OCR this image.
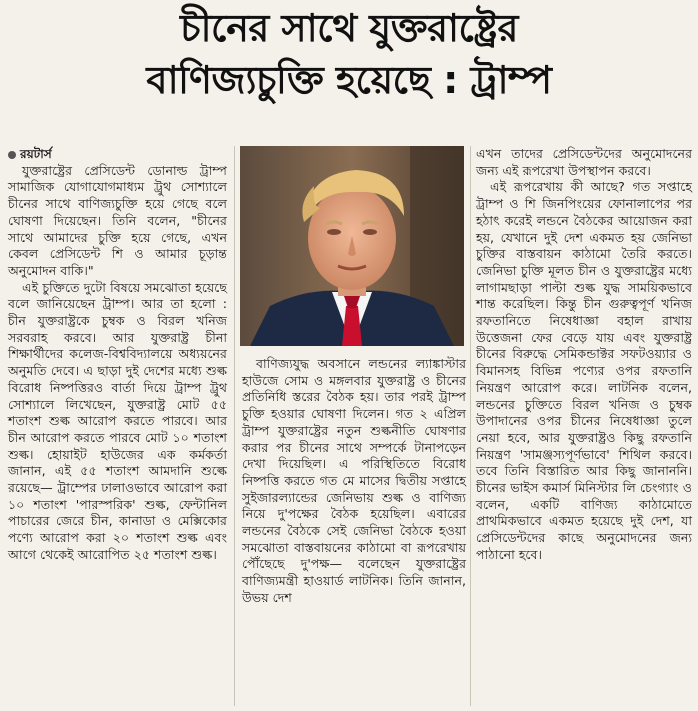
চীনের সাথে যুক্তরাষ্ট্রের
বাণিজ্যচুক্তি হয়েছে : ট্রাম্প

রয়টার্স

যুক্তরাষ্ট্রের প্রেসিডেন্ট ডোনাল্ড ট্রাম্প সামাজিক যোগাযোগমাধ্যম ট্রুথ সোশ্যালে চীনের সাথে বাণিজ্যচুক্তি হয়ে গেছে বলে ঘোষণা দিয়েছেন। তিনি বলেন, "চীনের সাথে আমাদের চুক্তি হয়ে গেছে, এখন কেবল প্রেসিডেন্ট শি ও আমার চূড়ান্ত অনুমোদন বাকি।"

এই চুক্তিতে দুটো বিষয়ে সমঝোতা হয়েছে বলে জানিয়েছেন ট্রাম্প। আর তা হলো : চীন যুক্তরাষ্ট্রকে চুম্বক ও বিরল খনিজ সরবরাহ করবে। আর যুক্তরাষ্ট্র চীনা শিক্ষার্থীদের কলেজ-বিশ্ববিদ্যালয়ে অধ্যয়নের অনুমতি দেবে। এ ছাড়া দুই দেশের মধ্যে শুল্ক বিরোধ নিষ্পত্তিরও বার্তা দিয়ে ট্রাম্প ট্রুথ সোশ্যালে লিখেছেন, যুক্তরাষ্ট্র মোট ৫৫ শতাংশ শুল্ক আরোপ করতে পারবে। আর চীন আরোপ করতে পারবে মোট ১০ শতাংশ শুল্ক। হোয়াইট হাউজের এক কর্মকর্তা জানান, এই ৫৫ শতাংশ আমদানি শুল্কে রয়েছে— ট্রাম্পের ঢালাওভাবে আরোপ করা ১০ শতাংশ 'পারস্পরিক' শুল্ক, ফেন্টানিল পাচারের জেরে চীন, কানাডা ও মেক্সিকোর পণ্যে আরোপ করা ২০ শতাংশ শুল্ক এবং আগে থেকেই আরোপিত ২৫ শতাংশ শুল্ক।

বাণিজ্যযুদ্ধ অবসানে লন্ডনের ল্যাঙ্কাস্টার হাউজে সোম ও মঙ্গলবার যুক্তরাষ্ট্র ও চীনের প্রতিনিধি স্তরের বৈঠক হয়। তার পরই ট্রাম্প চুক্তি হওয়ার ঘোষণা দিলেন। গত ২ এপ্রিল ট্রাম্প যুক্তরাষ্ট্রের নতুন শুল্কনীতি ঘোষণার করার পর চীনের সাথে সম্পর্কে টানাপড়েন দেখা দিয়েছিল। এ পরিস্থিতিতে বিরোধ নিষ্পত্তি করতে গত মে মাসের দ্বিতীয় সপ্তাহে সুইজারল্যান্ডের জেনিভায় শুল্ক ও বাণিজ্য নিয়ে দু'পক্ষের বৈঠক হয়েছিল। এবারের লন্ডনের বৈঠকে সেই জেনিভা বৈঠকে হওয়া সমঝোতা বাস্তবায়নের কাঠামো বা রূপরেখায় পৌঁছেছে দু'পক্ষ— বলেছেন যুক্তরাষ্ট্রের বাণিজ্যমন্ত্রী হাওয়ার্ড লাটনিক। তিনি জানান, উভয় দেশ

এখন তাদের প্রেসিডেন্টদের অনুমোদনের জন্য এই রূপরেখা উপস্থাপন করবে।

এই রূপরেখায় কী আছে? গত সপ্তাহে ট্রাম্প ও শি জিনপিংয়ের ফোনালাপের পর হঠাৎ করেই লন্ডনে বৈঠকের আয়োজন করা হয়, যেখানে দুই দেশ একমত হয় জেনিভা চুক্তির বাস্তবায়ন কাঠামো তৈরি করতে। জেনিভা চুক্তি মূলত চীন ও যুক্তরাষ্ট্রের মধ্যে লাগামছাড়া পাল্টা শুল্ক যুদ্ধ সাময়িকভাবে শান্ত করেছিল। কিন্তু চীন গুরুত্বপূর্ণ খনিজ রফতানিতে নিষেধাজ্ঞা বহাল রাখায় উত্তেজনা ফের বেড়ে যায় এবং যুক্তরাষ্ট্র চীনের বিরুদ্ধে সেমিকন্ডাক্টর সফটওয়্যার ও বিমানসহ বিভিন্ন পণ্যের ওপর রফতানি নিয়ন্ত্রণ আরোপ করে। লাটনিক বলেন, লন্ডনের চুক্তিতে বিরল খনিজ ও চুম্বক উপাদানের ওপর চীনের নিষেধাজ্ঞা তুলে নেয়া হবে, আর যুক্তরাষ্ট্রও কিছু রফতানি নিয়ন্ত্রণ 'সামঞ্জস্যপূর্ণভাবে' শিথিল করবে। তবে তিনি বিস্তারিত আর কিছু জানাননি। চীনের ভাইস কমার্স মিনিস্টার লি চেংগ্যাং ও বলেন, একটি বাণিজ্য কাঠামোতে প্রাথমিকভাবে একমত হয়েছে দুই দেশ, যা প্রেসিডেন্টদের কাছে অনুমোদনের জন্য পাঠানো হবে।
